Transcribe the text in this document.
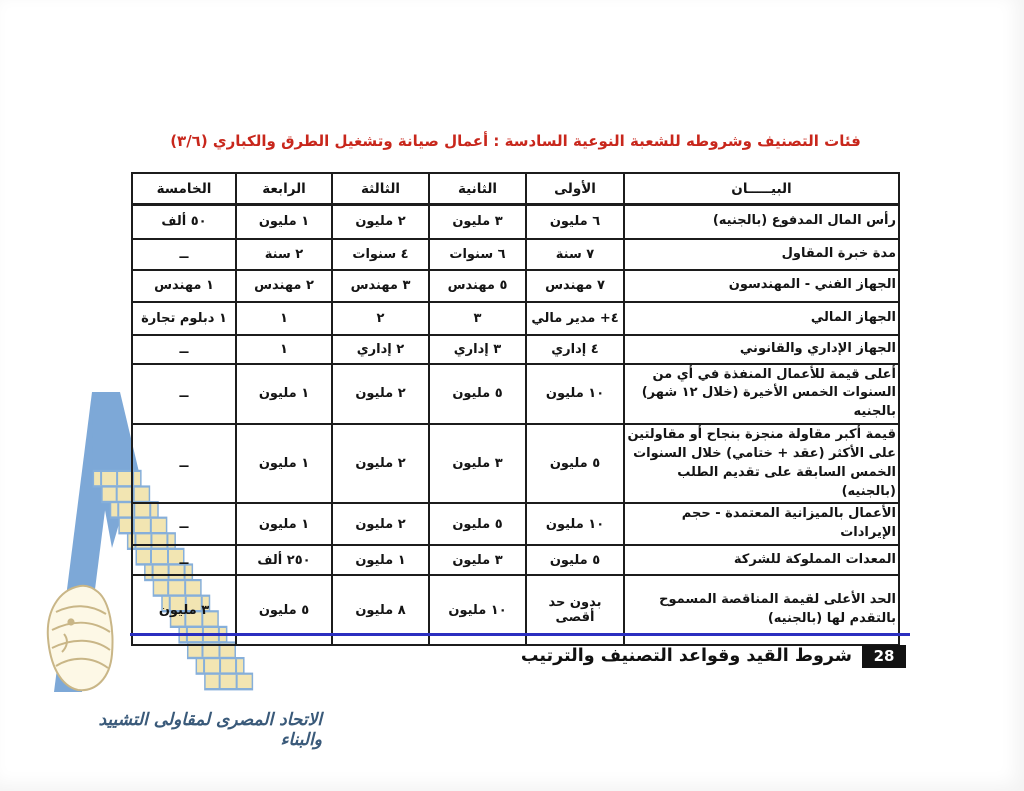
فئات التصنيف وشروطه للشعبة النوعية السادسة : أعمال صيانة وتشغيل الطرق والكباري (٣/٦)
البيـــــان	الأولى	الثانية	الثالثة	الرابعة	الخامسة
رأس المال المدفوع (بالجنيه)	٦ مليون	٣ مليون	٢ مليون	١ مليون	٥٠ ألف
مدة خبرة المقاول	٧ سنة	٦ سنوات	٤ سنوات	٢ سنة	ــ
الجهاز الفني - المهندسون	٧ مهندس	٥ مهندس	٣ مهندس	٢ مهندس	١ مهندس
الجهاز المالي	٤+ مدير مالي	٣	٢	١	١ دبلوم تجارة
الجهاز الإداري والقانوني	٤ إداري	٣ إداري	٢ إداري	١	ــ
أعلى قيمة للأعمال المنفذة في أي من السنوات الخمس الأخيرة (خلال ١٢ شهر) بالجنيه	١٠ مليون	٥ مليون	٢ مليون	١ مليون	ــ
قيمة أكبر مقاولة منجزة بنجاح أو مقاولتين على الأكثر (عقد + ختامي) خلال السنوات الخمس السابقة على تقديم الطلب (بالجنيه)	٥ مليون	٣ مليون	٢ مليون	١ مليون	ــ
الأعمال بالميزانية المعتمدة - حجم الإيرادات	١٠ مليون	٥ مليون	٢ مليون	١ مليون	ــ
المعدات المملوكة للشركة	٥ مليون	٣ مليون	١ مليون	٢٥٠ ألف	ــ
الحد الأعلى لقيمة المناقصة المسموح بالتقدم لها (بالجنيه)	بدون حد أقصى	١٠ مليون	٨ مليون	٥ مليون	٣ مليون
28
شروط القيد وقواعد التصنيف والترتيب
الاتحاد المصرى لمقاولى التشييد والبناء
